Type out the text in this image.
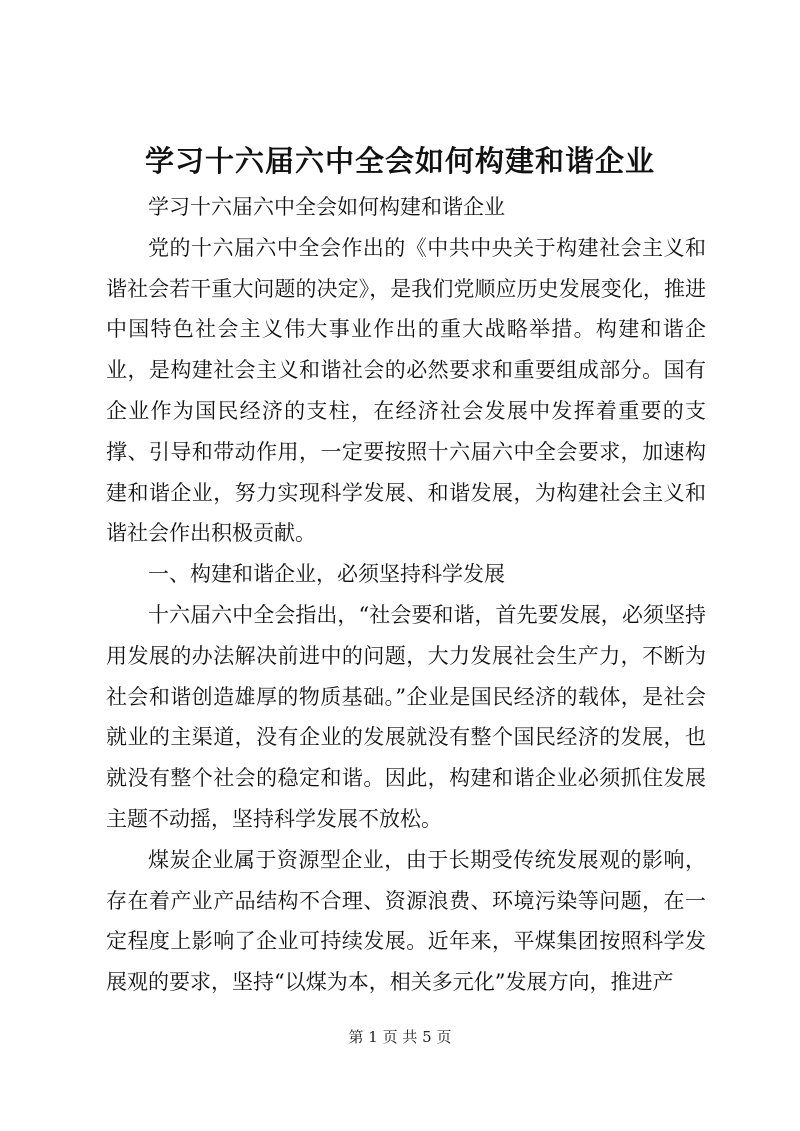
学习十六届六中全会如何构建和谐企业

学习十六届六中全会如何构建和谐企业

党的十六届六中全会作出的《中共中央关于构建社会主义和谐社会若干重大问题的决定》，是我们党顺应历史发展变化，推进中国特色社会主义伟大事业作出的重大战略举措。构建和谐企业，是构建社会主义和谐社会的必然要求和重要组成部分。国有企业作为国民经济的支柱，在经济社会发展中发挥着重要的支撑、引导和带动作用，一定要按照十六届六中全会要求，加速构建和谐企业，努力实现科学发展、和谐发展，为构建社会主义和谐社会作出积极贡献。

一、构建和谐企业，必须坚持科学发展

十六届六中全会指出，“社会要和谐，首先要发展，必须坚持用发展的办法解决前进中的问题，大力发展社会生产力，不断为社会和谐创造雄厚的物质基础。”企业是国民经济的载体，是社会就业的主渠道，没有企业的发展就没有整个国民经济的发展，也就没有整个社会的稳定和谐。因此，构建和谐企业必须抓住发展主题不动摇，坚持科学发展不放松。

煤炭企业属于资源型企业，由于长期受传统发展观的影响，存在着产业产品结构不合理、资源浪费、环境污染等问题，在一定程度上影响了企业可持续发展。近年来，平煤集团按照科学发展观的要求，坚持“以煤为本，相关多元化”发展方向，推进产

第 1 页 共 5 页
